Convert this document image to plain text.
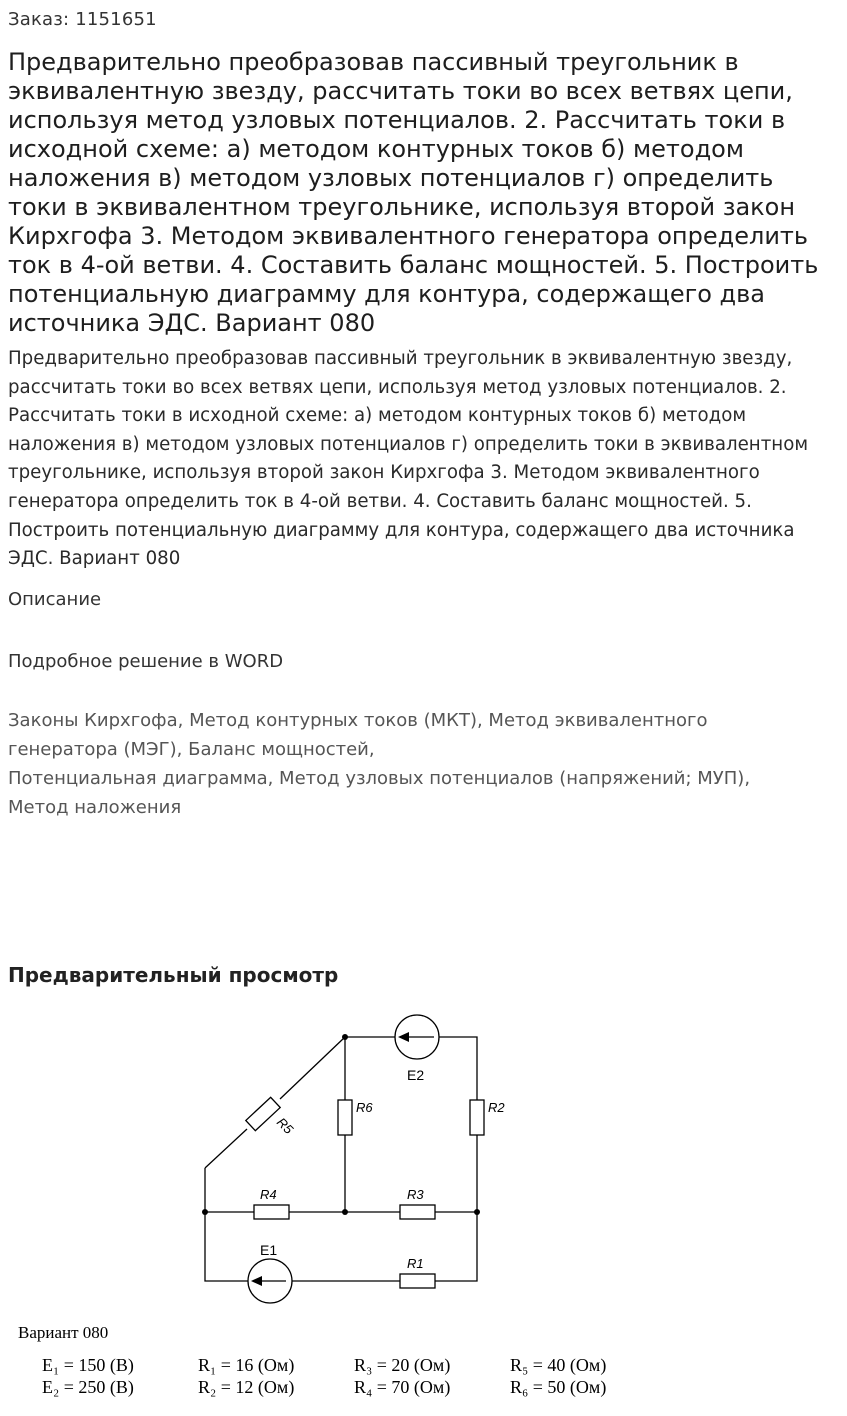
Заказ: 1151651
Предварительно преобразовав пассивный треугольник в эквивалентную звезду, рассчитать токи во всех ветвях цепи, используя метод узловых потенциалов. 2. Рассчитать токи в исходной схеме: а) методом контурных токов б) методом наложения в) методом узловых потенциалов г) определить токи в эквивалентном треугольнике, используя второй закон Кирхгофа 3. Методом эквивалентного генератора определить ток в 4-ой ветви. 4. Составить баланс мощностей. 5. Построить потенциальную диаграмму для контура, содержащего два источника ЭДС. Вариант 080

Предварительно преобразовав пассивный треугольник в эквивалентную звезду, рассчитать токи во всех ветвях цепи, используя метод узловых потенциалов. 2. Рассчитать токи в исходной схеме: а) методом контурных токов б) методом наложения в) методом узловых потенциалов г) определить токи в эквивалентном треугольнике, используя второй закон Кирхгофа 3. Методом эквивалентного генератора определить ток в 4-ой ветви. 4. Составить баланс мощностей. 5. Построить потенциальную диаграмму для контура, содержащего два источника ЭДС. Вариант 080

Описание
Подробное решение в WORD
Законы Кирхгофа, Метод контурных токов (МКТ), Метод эквивалентного генератора (МЭГ), Баланс мощностей,
Потенциальная диаграмма, Метод узловых потенциалов (напряжений; МУП),
Метод наложения
Предварительный просмотр
E2
E1
R6	R2
R4	R3
R1
R5
Вариант 080
E₁ = 150 (В)	R₁ = 16 (Ом)	R₃ = 20 (Ом)	R₅ = 40 (Ом)
E₂ = 250 (В)	R₂ = 12 (Ом)	R₄ = 70 (Ом)	R₆ = 50 (Ом)
